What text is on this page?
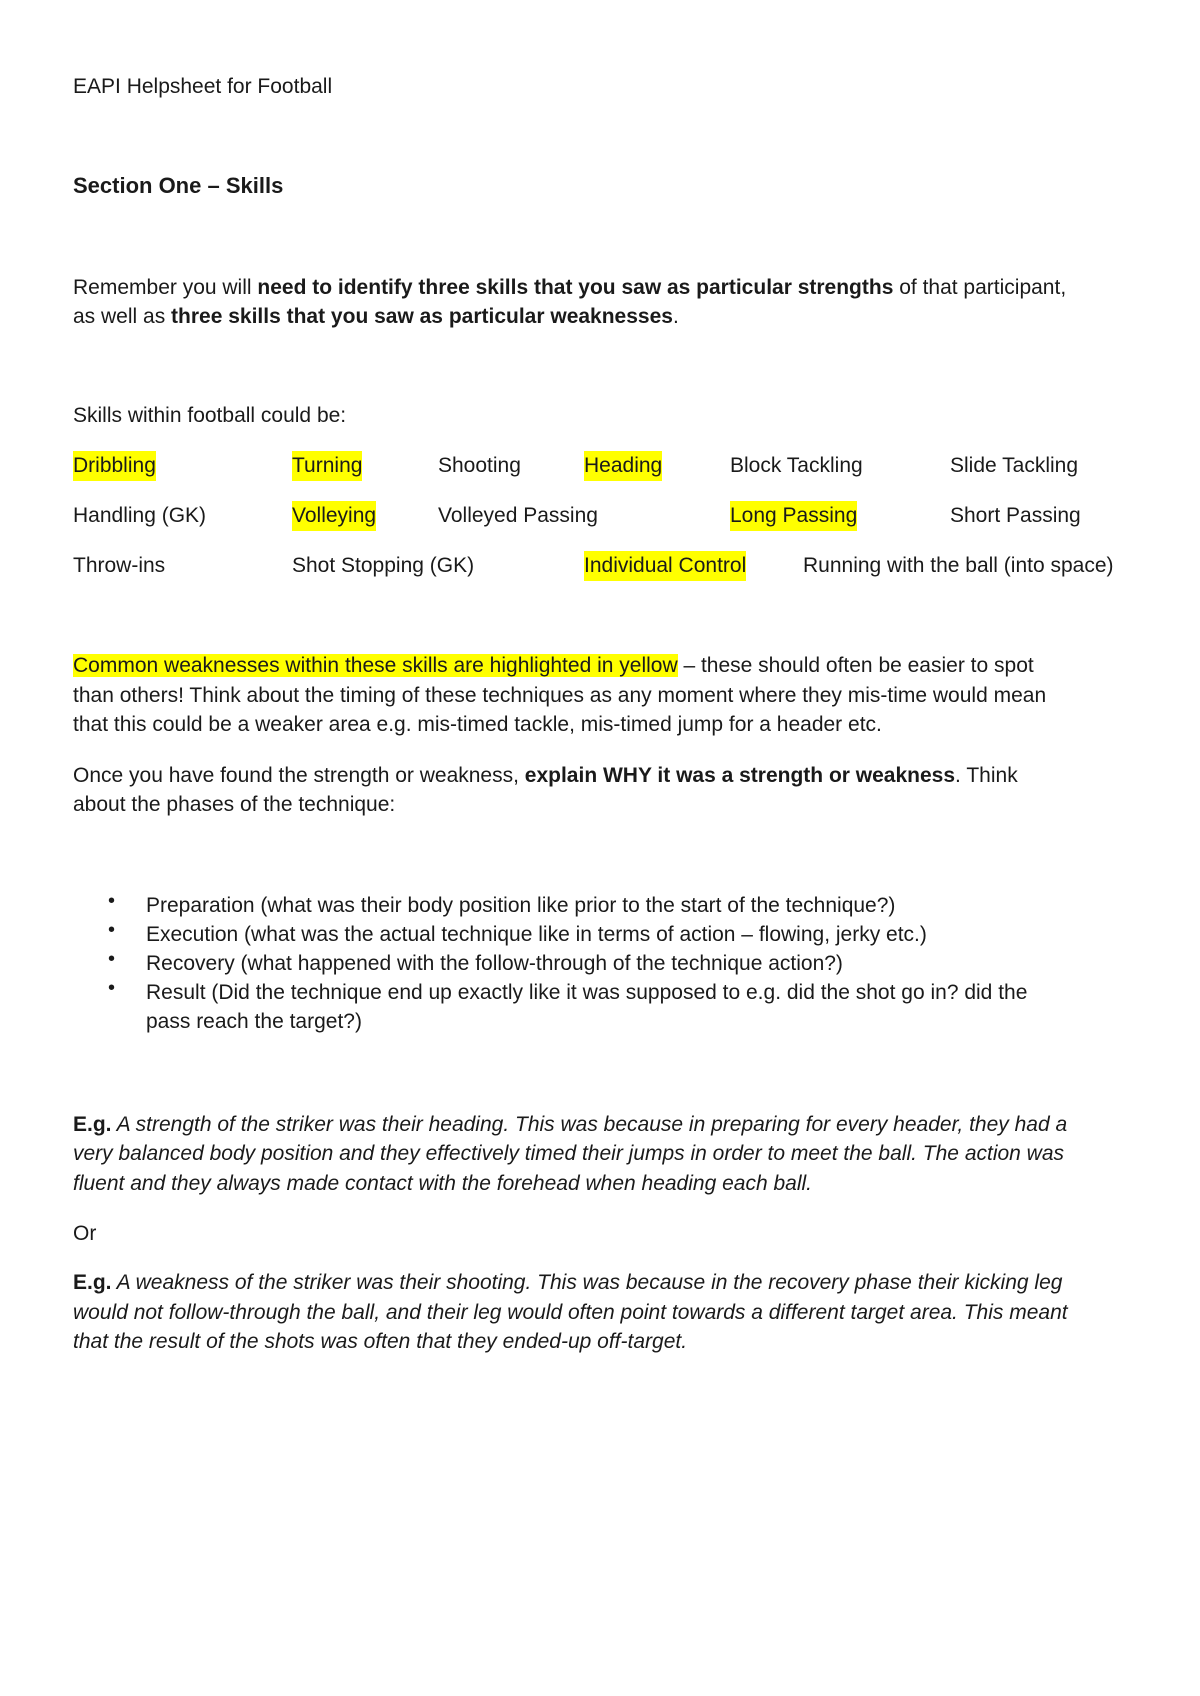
EAPI Helpsheet for Football

Section One – Skills

Remember you will need to identify three skills that you saw as particular strengths of that participant,

as well as three skills that you saw as particular weaknesses.

Skills within football could be:

Dribbling	Turning	Shooting	Heading	Block Tackling	Slide Tackling
Handling (GK)	Volleying	Volleyed Passing	Long Passing	Short Passing
Throw-ins	Shot Stopping (GK)	Individual Control	Running with the ball (into space)

Common weaknesses within these skills are highlighted in yellow – these should often be easier to spot

than others! Think about the timing of these techniques as any moment where they mis-time would mean

that this could be a weaker area e.g. mis-timed tackle, mis-timed jump for a header etc.

Once you have found the strength or weakness, explain WHY it was a strength or weakness. Think

about the phases of the technique:

• Preparation (what was their body position like prior to the start of the technique?)
• Execution (what was the actual technique like in terms of action – flowing, jerky etc.)
• Recovery (what happened with the follow-through of the technique action?)
• Result (Did the technique end up exactly like it was supposed to e.g. did the shot go in? did the
pass reach the target?)

E.g. A strength of the striker was their heading. This was because in preparing for every header, they had a

very balanced body position and they effectively timed their jumps in order to meet the ball. The action was

fluent and they always made contact with the forehead when heading each ball.

Or

E.g. A weakness of the striker was their shooting. This was because in the recovery phase their kicking leg

would not follow-through the ball, and their leg would often point towards a different target area. This meant

that the result of the shots was often that they ended-up off-target.
